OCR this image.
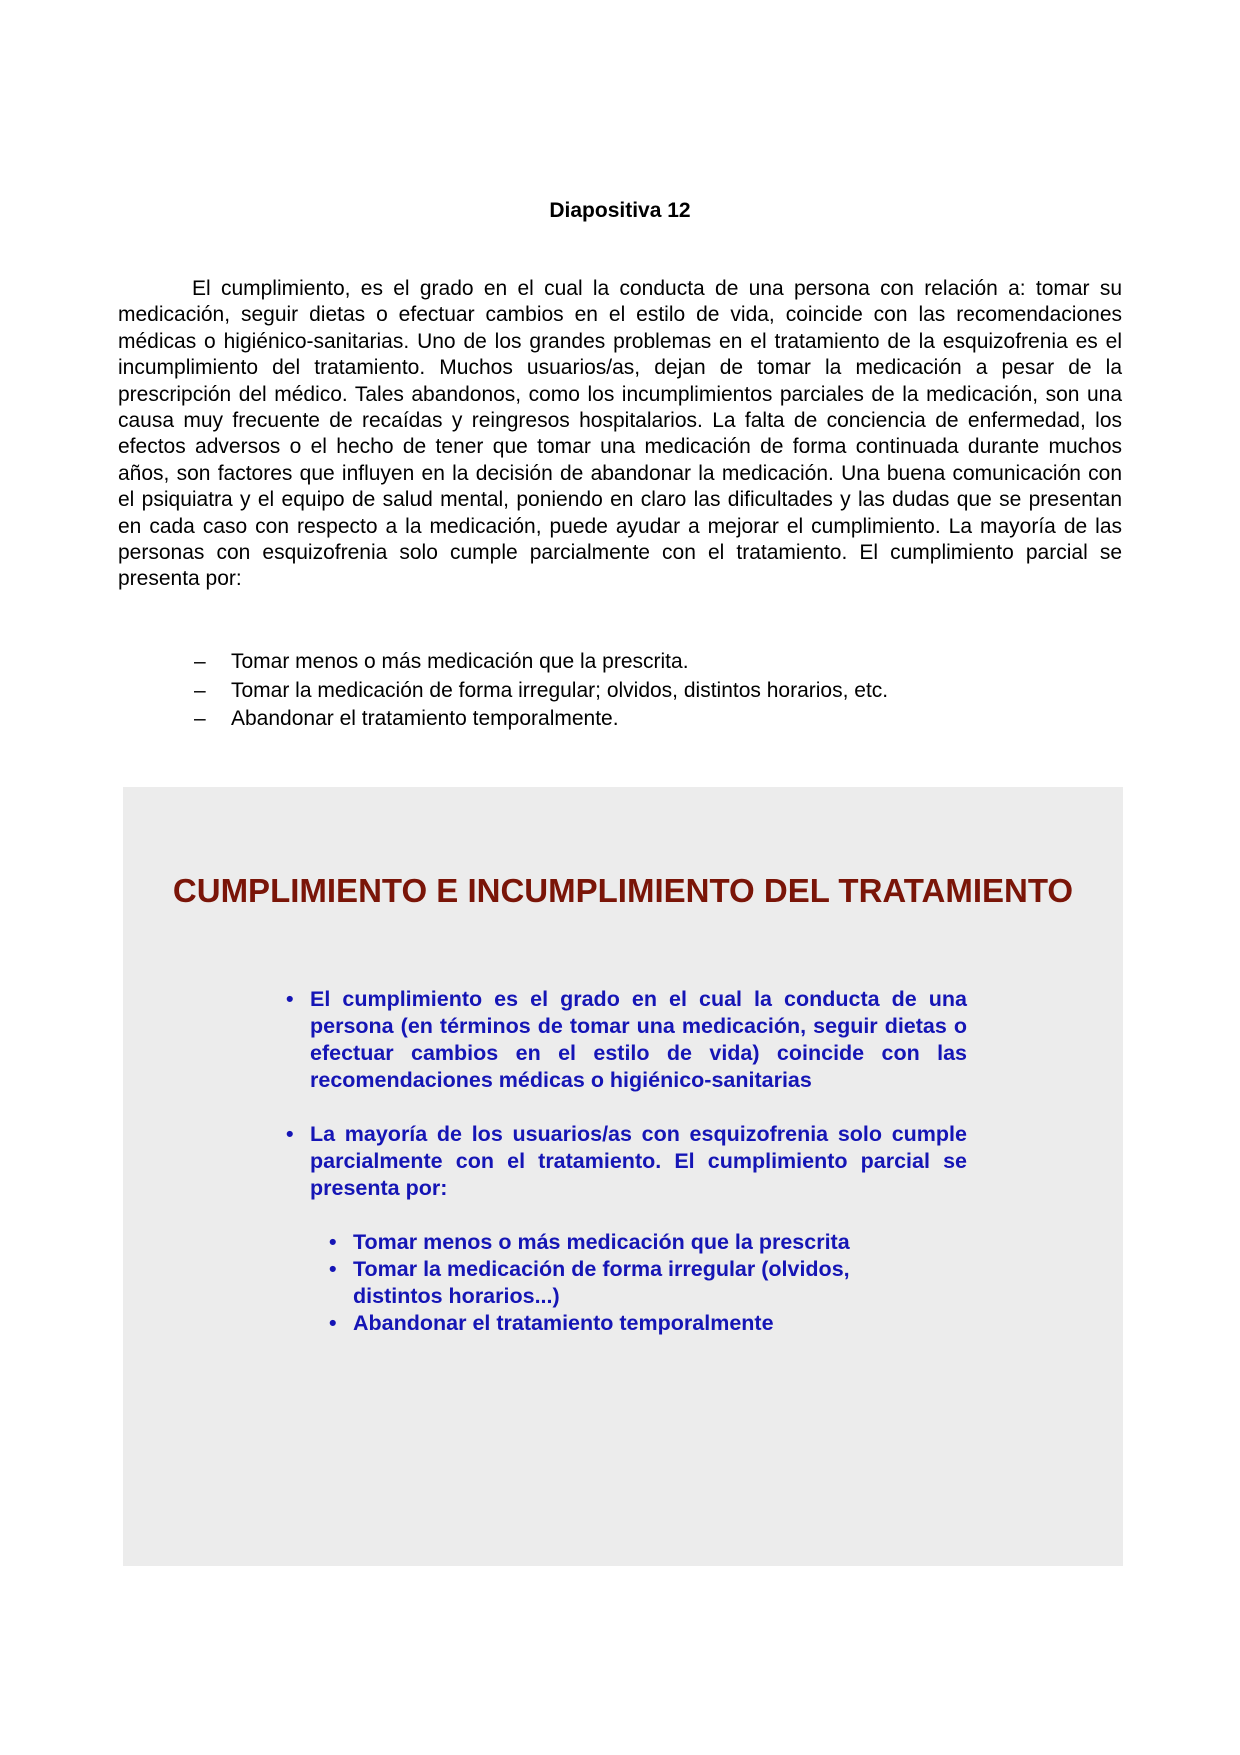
Diapositiva 12

El cumplimiento, es el grado en el cual la conducta de una persona con relación a: tomar su medicación, seguir dietas o efectuar cambios en el estilo de vida, coincide con las recomendaciones médicas o higiénico-sanitarias. Uno de los grandes problemas en el tratamiento de la esquizofrenia es el incumplimiento del tratamiento. Muchos usuarios/as, dejan de tomar la medicación a pesar de la prescripción del médico. Tales abandonos, como los incumplimientos parciales de la medicación, son una causa muy frecuente de recaídas y reingresos hospitalarios. La falta de conciencia de enfermedad, los efectos adversos o el hecho de tener que tomar una medicación de forma continuada durante muchos años, son factores que influyen en la decisión de abandonar la medicación. Una buena comunicación con el psiquiatra y el equipo de salud mental, poniendo en claro las dificultades y las dudas que se presentan en cada caso con respecto a la medicación, puede ayudar a mejorar el cumplimiento. La mayoría de las personas con esquizofrenia solo cumple parcialmente con el tratamiento. El cumplimiento parcial se presenta por:

– Tomar menos o más medicación que la prescrita.
– Tomar la medicación de forma irregular; olvidos, distintos horarios, etc.
– Abandonar el tratamiento temporalmente.
CUMPLIMIENTO E INCUMPLIMIENTO DEL TRATAMIENTO
• El cumplimiento es el grado en el cual la conducta de una persona (en términos de tomar una medicación, seguir dietas o efectuar cambios en el estilo de vida) coincide con las recomendaciones médicas o higiénico-sanitarias
• La mayoría de los usuarios/as con esquizofrenia solo cumple parcialmente con el tratamiento. El cumplimiento parcial se presenta por:
• Tomar menos o más medicación que la prescrita
• Tomar la medicación de forma irregular (olvidos, distintos horarios...)
• Abandonar el tratamiento temporalmente
